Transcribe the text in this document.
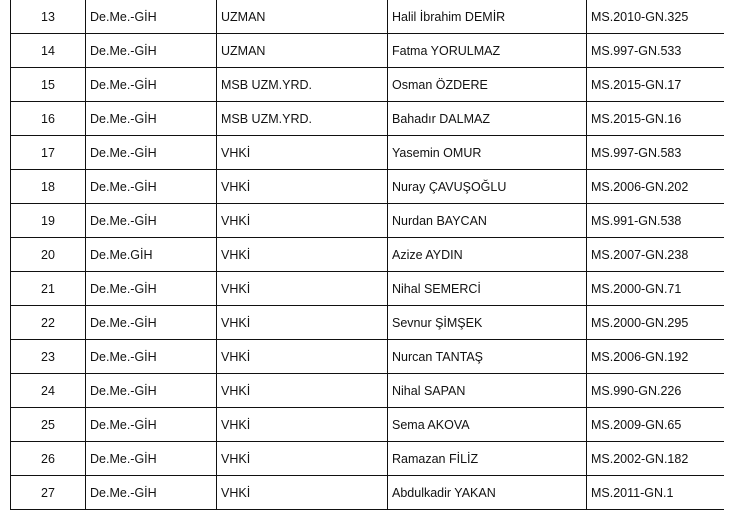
13	De.Me.-GİH	UZMAN	Halil İbrahim DEMİR	MS.2010-GN.325
14	De.Me.-GİH	UZMAN	Fatma YORULMAZ	MS.997-GN.533
15	De.Me.-GİH	MSB UZM.YRD.	Osman ÖZDERE	MS.2015-GN.17
16	De.Me.-GİH	MSB UZM.YRD.	Bahadır DALMAZ	MS.2015-GN.16
17	De.Me.-GİH	VHKİ	Yasemin OMUR	MS.997-GN.583
18	De.Me.-GİH	VHKİ	Nuray ÇAVUŞOĞLU	MS.2006-GN.202
19	De.Me.-GİH	VHKİ	Nurdan BAYCAN	MS.991-GN.538
20	De.Me.GİH	VHKİ	Azize AYDIN	MS.2007-GN.238
21	De.Me.-GİH	VHKİ	Nihal SEMERCİ	MS.2000-GN.71
22	De.Me.-GİH	VHKİ	Sevnur ŞİMŞEK	MS.2000-GN.295
23	De.Me.-GİH	VHKİ	Nurcan TANTAŞ	MS.2006-GN.192
24	De.Me.-GİH	VHKİ	Nihal SAPAN	MS.990-GN.226
25	De.Me.-GİH	VHKİ	Sema AKOVA	MS.2009-GN.65
26	De.Me.-GİH	VHKİ	Ramazan FİLİZ	MS.2002-GN.182
27	De.Me.-GİH	VHKİ	Abdulkadir YAKAN	MS.2011-GN.1
